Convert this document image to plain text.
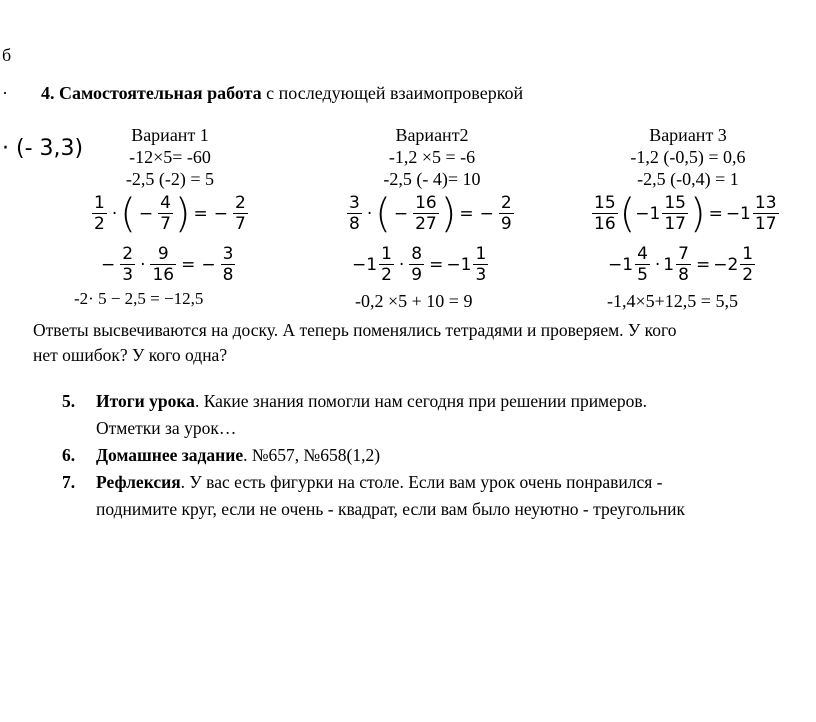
б
· 4. Самостоятельная работа с последующей взаимопроверкой
· (- 3,3)
Вариант 1
-12×5= -60
-2,5 (-2) = 5
$\frac{1}{2}$ · ( − $\frac{4}{7}$ ) = − $\frac{2}{7}$
− $\frac{2}{3} \cdot \frac{9}{16}$ = − $\frac{3}{8}$
-2· 5 − 2,5 = −12,5
Вариант2
-1,2 ×5 = -6
-2,5 (- 4)= 10
$\frac{3}{8}$ · ( − $\frac{16}{27}$ ) = − $\frac{2}{9}$
$-1 \frac{1}{2} \cdot \frac{8}{9} = -1 \frac{1}{3}$
-0,2 ×5 + 10 = 9
Вариант 3
-1,2 (-0,5) = 0,6
-2,5 (-0,4) = 1
$\frac{15}{16}$ ( $-1 \frac{15}{17}$ ) = $-1 \frac{13}{17}$
$-1 \frac{4}{5} \cdot 1 \frac{7}{8} = -2 \frac{1}{2}$
-1,4×5+12,5 = 5,5
Ответы высвечиваются на доску. А теперь поменялись тетрадями и проверяем. У кого
нет ошибок? У кого одна?
5. Итоги урока. Какие знания помогли нам сегодня при решении примеров.
Отметки за урок…
6. Домашнее задание. №657, №658(1,2)
7. Рефлексия. У вас есть фигурки на столе. Если вам урок очень понравился -
поднимите круг, если не очень - квадрат, если вам было неуютно - треугольник
